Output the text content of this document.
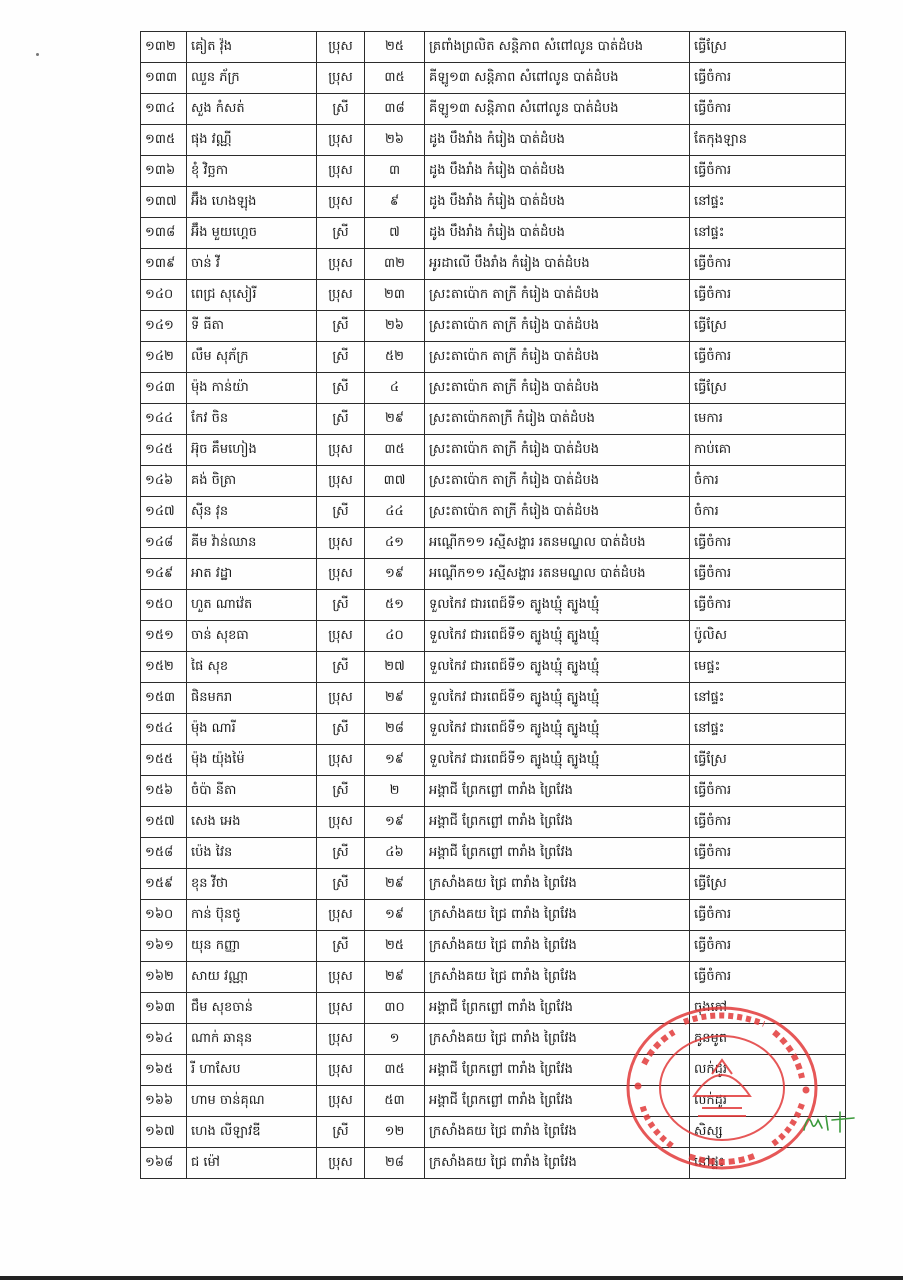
១៣២	គៀត វ៉ុង	ប្រុស	២៥	ត្រពាំងព្រលិត សន្តិភាព សំពៅលូន បាត់ដំបង	ធ្វើស្រែ
១៣៣	ឈួន ភ័ក្រ	ប្រុស	៣៥	គីឡូ១៣ សន្តិភាព សំពៅលូន បាត់ដំបង	ធ្វើចំការ
១៣៤	សួង កំសត់	ស្រី	៣៨	គីឡូ១៣ សន្តិភាព សំពៅលូន បាត់ដំបង	ធ្វើចំការ
១៣៥	ផុង វណ្ណី	ប្រុស	២៦	ដូង បឹងរាំង កំរៀង បាត់ដំបង	តែកុងឡាន
១៣៦	ខុំ វិច្ឆកា	ប្រុស	៣	ដូង បឹងរាំង កំរៀង បាត់ដំបង	ធ្វើចំការ
១៣៧	អ៊ឹង ហេងឡុង	ប្រុស	៩	ដូង បឹងរាំង កំរៀង បាត់ដំបង	នៅផ្ទះ
១៣៨	អ៊ឹង មួយហ្គេច	ស្រី	៧	ដូង បឹងរាំង កំរៀង បាត់ដំបង	នៅផ្ទះ
១៣៩	ចាន់ វី	ប្រុស	៣២	អូរដាលើ បឹងរាំង កំរៀង បាត់ដំបង	ធ្វើចំការ
១៤០	ពេជ្រ សុសៀរី	ប្រុស	២៣	ស្រះតាប៉ោក តាក្រី កំរៀង បាត់ដំបង	ធ្វើចំការ
១៤១	ទី ធីតា	ស្រី	២៦	ស្រះតាប៉ោក តាក្រី កំរៀង បាត់ដំបង	ធ្វើស្រែ
១៤២	លឹម សុភ័ក្រ	ស្រី	៥២	ស្រះតាប៉ោក តាក្រី កំរៀង បាត់ដំបង	ធ្វើចំការ
១៤៣	ម៉ុង កាន់យ៉ា	ស្រី	៤	ស្រះតាប៉ោក តាក្រី កំរៀង បាត់ដំបង	ធ្វើស្រែ
១៤៤	កែវ ចិន	ស្រី	២៩	ស្រះតាប៉ោកតាក្រី កំរៀង បាត់ដំបង	មេការ
១៤៥	អ៊ុច គឹមហៀង	ប្រុស	៣៥	ស្រះតាប៉ោក តាក្រី កំរៀង បាត់ដំបង	កាប់គោ
១៤៦	គង់ ចិត្រា	ប្រុស	៣៧	ស្រះតាប៉ោក តាក្រី កំរៀង បាត់ដំបង	ចំការ
១៤៧	ស៊ីន វុន	ស្រី	៤៤	ស្រះតាប៉ោក តាក្រី កំរៀង បាត់ដំបង	ចំការ
១៤៨	គីម វ៉ាន់ឈាន	ប្រុស	៤១	អណ្ដើក១១ រស្មីសង្ហារ រតនមណ្ឌល បាត់ដំបង	ធ្វើចំការ
១៤៩	អាត វដ្ឋា	ប្រុស	១៩	អណ្ដើក១១ រស្មីសង្ហារ រតនមណ្ឌល បាត់ដំបង	ធ្វើចំការ
១៥០	ហួត ណាវ៉េត	ស្រី	៥១	ទួលកៃវ ជារពេជ៍ទី១ ត្បូងឃ្មុំ ត្បូងឃ្មុំ	ធ្វើចំការ
១៥១	ចាន់ សុខធា	ប្រុស	៤០	ទួលកៃវ ជារពេជ៍ទី១ ត្បូងឃ្មុំ ត្បូងឃ្មុំ	ប៉ូលិស
១៥២	ផៃ សុខ	ស្រី	២៧	ទួលកៃវ ជារពេជ៍ទី១ ត្បូងឃ្មុំ ត្បូងឃ្មុំ	មេផ្ទះ
១៥៣	ផិនមករា	ប្រុស	២៩	ទួលកៃវ ជារពេជ៍ទី១ ត្បូងឃ្មុំ ត្បូងឃ្មុំ	នៅផ្ទះ
១៥៤	ម៉ុង ណារី	ស្រី	២៨	ទួលកៃវ ជារពេជ៍ទី១ ត្បូងឃ្មុំ ត្បូងឃ្មុំ	នៅផ្ទះ
១៥៥	ម៉ុង យ៉ុងម៉ៃ	ប្រុស	១៩	ទួលកៃវ ជារពេជ៍ទី១ ត្បូងឃ្មុំ ត្បូងឃ្មុំ	ធ្វើស្រែ
១៥៦	ចំប៉ា នីតា	ស្រី	២	អង្គាជី ព្រែកព្លៅ ពារាំង ព្រៃវែង	ធ្វើចំការ
១៥៧	សេង អេង	ប្រុស	១៩	អង្គាជី ព្រែកព្លៅ ពារាំង ព្រៃវែង	ធ្វើចំការ
១៥៨	ប៉េង វៃន	ស្រី	៤៦	អង្គាជី ព្រែកព្លៅ ពារាំង ព្រៃវែង	ធ្វើចំការ
១៥៩	ខុន វីថា	ស្រី	២៩	ក្រសាំងគយ ជ្រៃ ពារាំង ព្រៃវែង	ធ្វើស្រែ
១៦០	កាន់ ប៊ុនថូ	ប្រុស	១៩	ក្រសាំងគយ ជ្រៃ ពារាំង ព្រៃវែង	ធ្វើចំការ
១៦១	យុន កញ្ញា	ស្រី	២៥	ក្រសាំងគយ ជ្រៃ ពារាំង ព្រៃវែង	ធ្វើចំការ
១៦២	សាយ វណ្ណា	ប្រុស	២៩	ក្រសាំងគយ ជ្រៃ ពារាំង ព្រៃវែង	ធ្វើចំការ
១៦៣	ជឹម សុខចាន់	ប្រុស	៣០	អង្គាជី ព្រែកព្លៅ ពារាំង ព្រៃវែង	ចុងភៅ
១៦៤	ណាក់ ឆានុន	ប្រុស	១	ក្រសាំងគយ ជ្រៃ ពារាំង ព្រៃវែង	កូនមូត
១៦៥	រី ហាសែប	ប្រុស	៣៥	អង្គាជី ព្រែកព្លៅ ពារាំង ព្រៃវែង	លក់ដូរ
១៦៦	ហាម ចាន់គុណ	ប្រុស	៥៣	អង្គាជី ព្រែកព្លៅ ពារាំង ព្រៃវែង	លក់ដូរ
១៦៧	ហេង លីឡាវឌី	ស្រី	១២	ក្រសាំងគយ ជ្រៃ ពារាំង ព្រៃវែង	សិស្ស
១៦៨	ជ ម៉ៅ	ប្រុស	២៨	ក្រសាំងគយ ជ្រៃ ពារាំង ព្រៃវែង	នៅផ្ទះ
